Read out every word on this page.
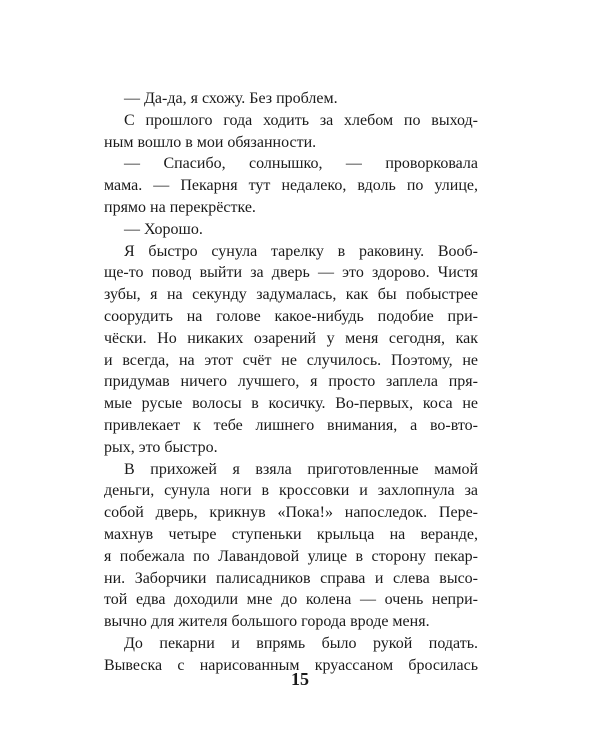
— Да-да, я схожу. Без проблем.
С прошлого года ходить за хлебом по выход-
ным вошло в мои обязанности.
— Спасибо, солнышко, — проворковала
мама. — Пекарня тут недалеко, вдоль по улице,
прямо на перекрёстке.
— Хорошо.
Я быстро сунула тарелку в раковину. Вооб-
ще-то повод выйти за дверь — это здорово. Чистя
зубы, я на секунду задумалась, как бы побыстрее
соорудить на голове какое-нибудь подобие при-
чёски. Но никаких озарений у меня сегодня, как
и всегда, на этот счёт не случилось. Поэтому, не
придумав ничего лучшего, я просто заплела пря-
мые русые волосы в косичку. Во-первых, коса не
привлекает к тебе лишнего внимания, а во-вто-
рых, это быстро.
В прихожей я взяла приготовленные мамой
деньги, сунула ноги в кроссовки и захлопнула за
собой дверь, крикнув «Пока!» напоследок. Пере-
махнув четыре ступеньки крыльца на веранде,
я побежала по Лавандовой улице в сторону пекар-
ни. Заборчики палисадников справа и слева высо-
той едва доходили мне до колена — очень непри-
вычно для жителя большого города вроде меня.
До пекарни и впрямь было рукой подать.
Вывеска с нарисованным круассаном бросилась
15
